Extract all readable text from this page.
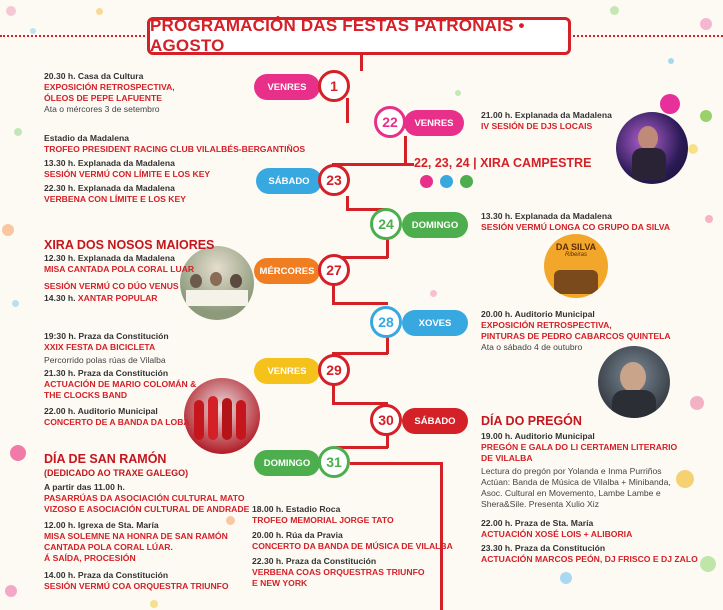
PROGRAMACIÓN DAS FESTAS PATRONAIS • AGOSTO
VENRES	1
22	VENRES
SÁBADO	23
24	DOMINGO
MÉRCORES 27
28	XOVES
VENRES	29
30	SÁBADO
DOMINGO	31
22, 23, 24 | XIRA CAMPESTRE
DA SILVA
Ribeiras
XIRA DOS NOSOS MAIORES
DÍA DE SAN RAMÓN
(DEDICADO AO TRAXE GALEGO)
DÍA DO PREGÓN
20.30 h. Casa da Cultura
EXPOSICIÓN RETROSPECTIVA,
ÓLEOS DE PEPE LAFUENTE
Ata o mércores 3 de setembro
Estadio da Madalena
TROFEO PRESIDENT RACING CLUB VILALBÉS-BERGANTIÑOS
13.30 h. Explanada da Madalena
SESIÓN VERMÚ CON LÍMITE E LOS KEY
22.30 h. Explanada da Madalena
VERBENA CON LÍMITE E LOS KEY
12.30 h. Explanada da Madalena
MISA CANTADA POLA CORAL LUAR
SESIÓN VERMÚ CO DÚO VENUS
14.30 h. XANTAR POPULAR
19:30 h. Praza da Constitución
XXIX FESTA DA BICICLETA
Percorrido polas rúas de Vilalba
21.30 h. Praza da Constitución
ACTUACIÓN DE MARIO COLOMÁN &
THE CLOCKS BAND
22.00 h. Auditorio Municipal
CONCERTO DE A BANDA DA LOBA
A partir das 11.00 h.
PASARRÚAS DA ASOCIACIÓN CULTURAL MATO
VIZOSO E ASOCIACIÓN CULTURAL DE ANDRADE
12.00 h. Igrexa de Sta. María
MISA SOLEMNE NA HONRA DE SAN RAMÓN
CANTADA POLA CORAL LÚAR.
Á SAÍDA, PROCESIÓN
14.00 h. Praza da Constitución
SESIÓN VERMÚ COA ORQUESTRA TRIUNFO
18.00 h. Estadio Roca
TROFEO MEMORIAL JORGE TATO
20.00 h. Rúa da Pravia
CONCERTO DA BANDA DE MÚSICA DE VILALBA
22.30 h. Praza da Constitución
VERBENA COAS ORQUESTRAS TRIUNFO
E NEW YORK
21.00 h. Explanada da Madalena
IV SESIÓN DE DJS LOCAIS
13.30 h. Explanada da Madalena
SESIÓN VERMÚ LONGA CO GRUPO DA SILVA
20.00 h. Auditorio Municipal
EXPOSICIÓN RETROSPECTIVA,
PINTURAS DE PEDRO CABARCOS QUINTELA
Ata o sábado 4 de outubro
19.00 h. Auditorio Municipal
PREGÓN E GALA DO LI CERTAMEN LITERARIO
DE VILALBA
Lectura do pregón por Yolanda e Inma Purriños
Actúan: Banda de Música de Vilalba + Minibanda,
Asoc. Cultural en Movemento, Lambe Lambe e
Shera&Sile. Presenta Xulio Xiz
22.00 h. Praza de Sta. María
ACTUACIÓN XOSÉ LOIS + ALIBORIA
23.30 h. Praza da Constitución
ACTUACIÓN MARCOS PEÓN, DJ FRISCO E DJ ZALO
